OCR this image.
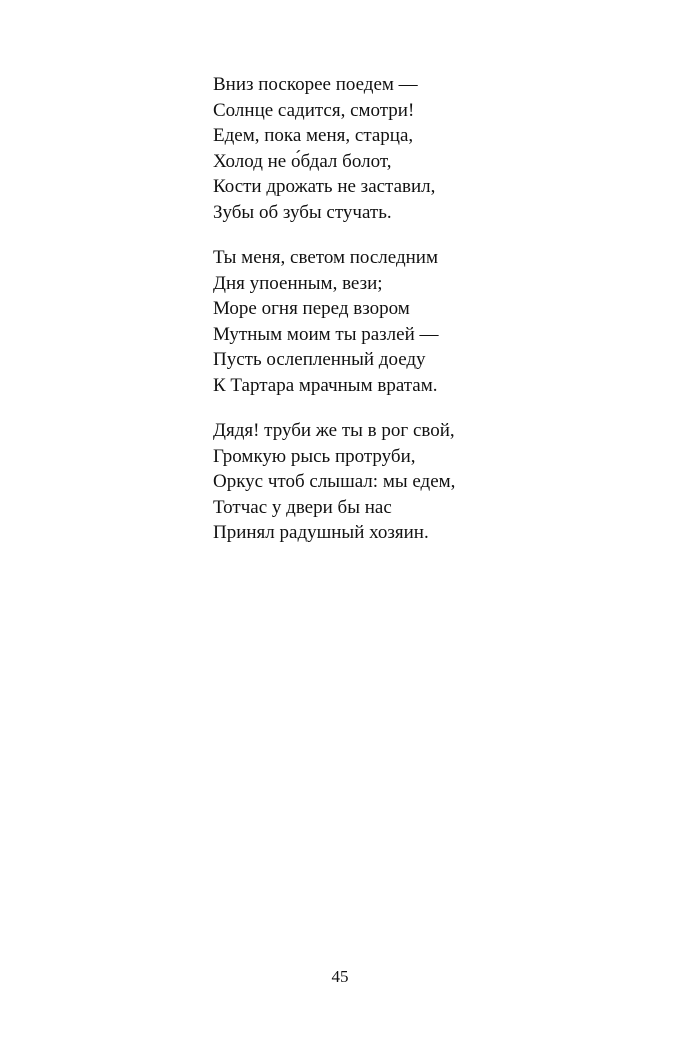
Вниз поскорее поедем —
Солнце садится, смотри!
Едем, пока меня, старца,
Холод не о́бдал болот,
Кости дрожать не заставил,
Зубы об зубы стучать.
Ты меня, светом последним
Дня упоенным, вези;
Море огня перед взором
Мутным моим ты разлей —
Пусть ослепленный доеду
К Тартара мрачным вратам.
Дядя! труби же ты в рог свой,
Громкую рысь протруби,
Оркус чтоб слышал: мы едем,
Тотчас у двери бы нас
Принял радушный хозяин.
45
